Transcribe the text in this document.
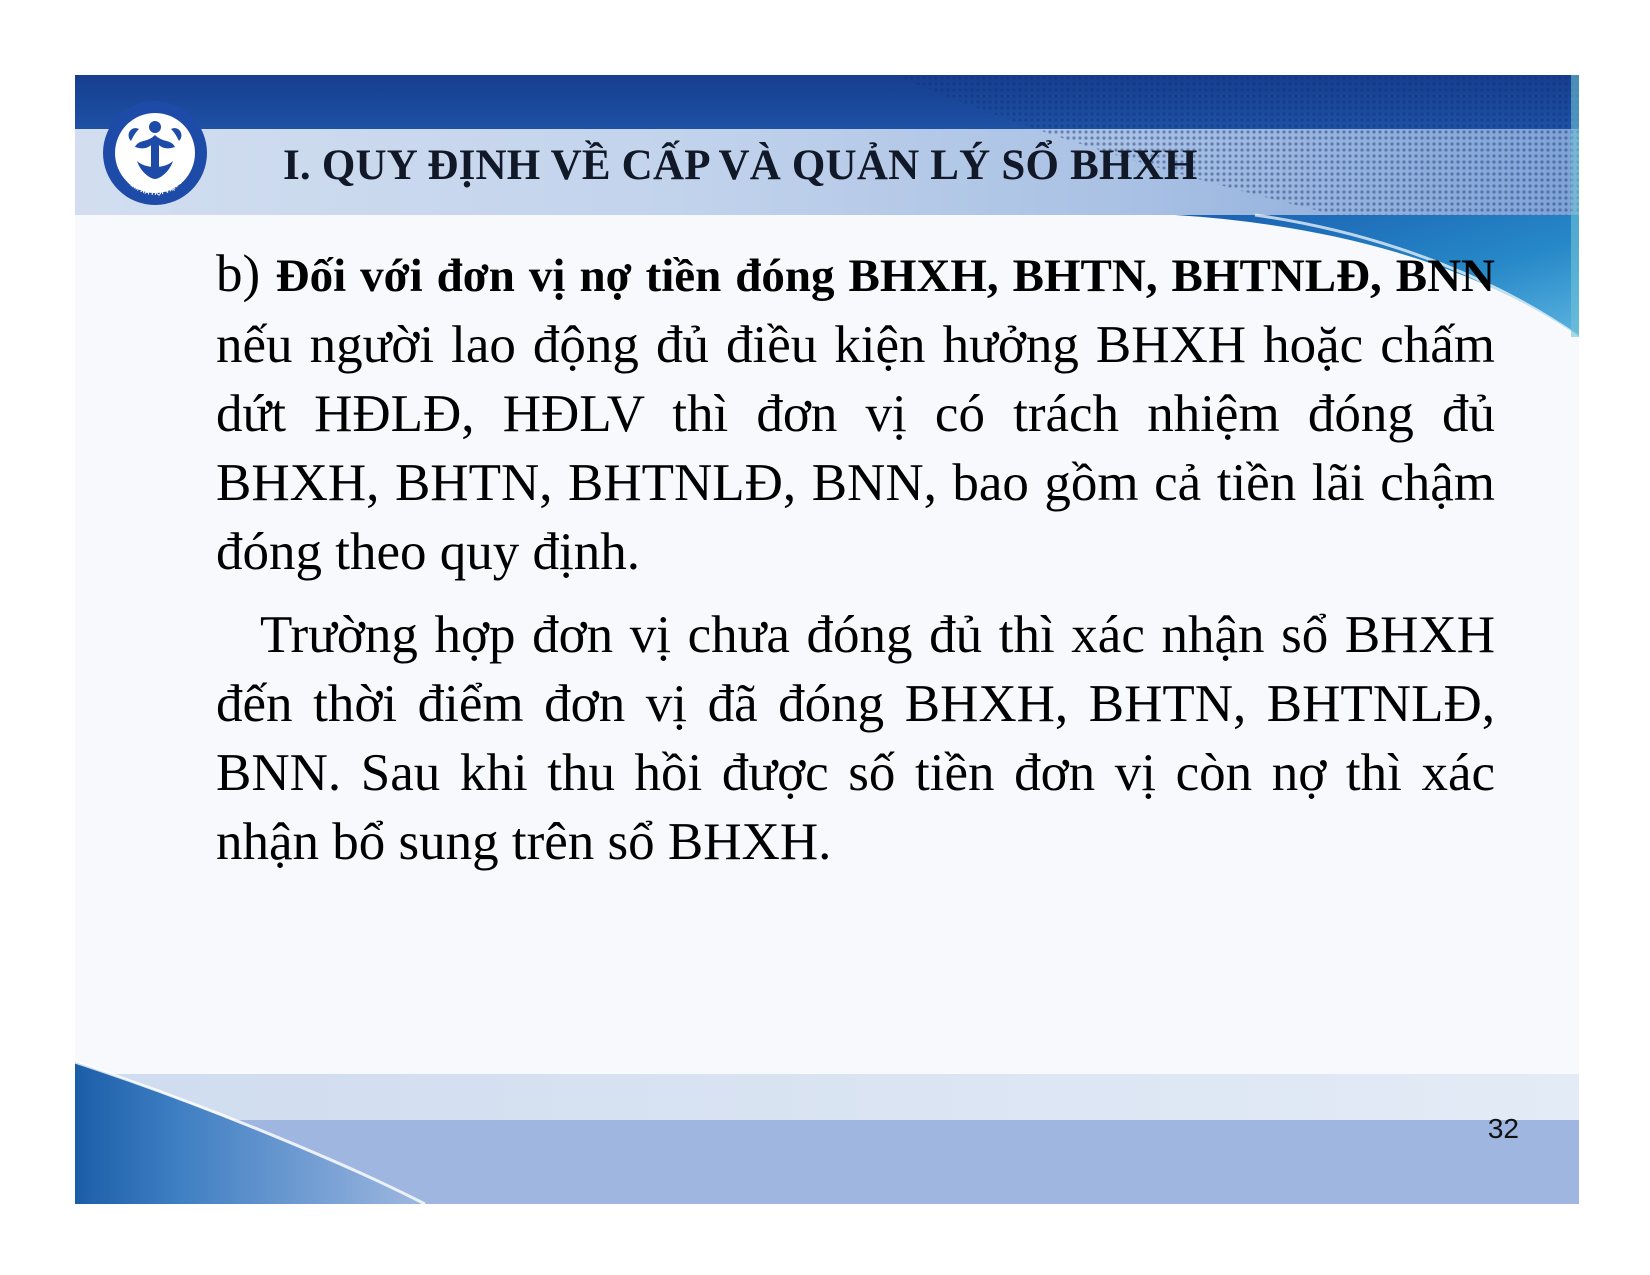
BẢO HIỂM XÃ HỘI VIỆT NAM I. QUY ĐỊNH VỀ CẤP VÀ QUẢN LÝ SỔ BHXH

b) Đối với đơn vị nợ tiền đóng BHXH, BHTN, BHTNLĐ, BNN nếu người lao động đủ điều kiện hưởng BHXH hoặc chấm dứt HĐLĐ, HĐLV thì đơn vị có trách nhiệm đóng đủ BHXH, BHTN, BHTNLĐ, BNN, bao gồm cả tiền lãi chậm đóng theo quy định.

Trường hợp đơn vị chưa đóng đủ thì xác nhận sổ BHXH đến thời điểm đơn vị đã đóng BHXH, BHTN, BHTNLĐ, BNN. Sau khi thu hồi được số tiền đơn vị còn nợ thì xác nhận bổ sung trên sổ BHXH.

32
